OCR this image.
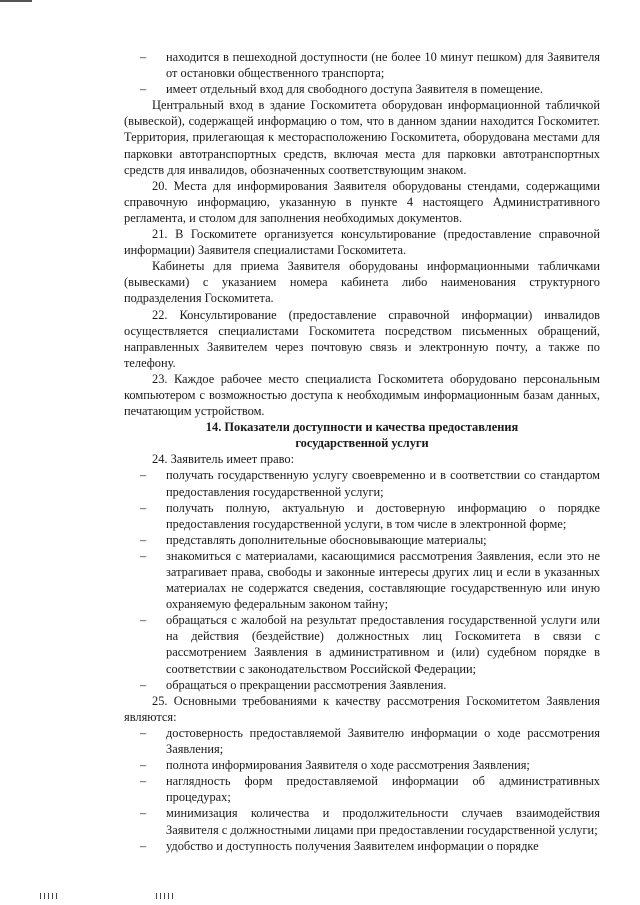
– находится в пешеходной доступности (не более 10 минут пешком) для Заявителя от остановки общественного транспорта;

– имеет отдельный вход для свободного доступа Заявителя в помещение.

Центральный вход в здание Госкомитета оборудован информационной табличкой (вывеской), содержащей информацию о том, что в данном здании находится Госкомитет. Территория, прилегающая к месторасположению Госкомитета, оборудована местами для парковки автотранспортных средств, включая места для парковки автотранспортных средств для инвалидов, обозначенных соответствующим знаком.

20. Места для информирования Заявителя оборудованы стендами, содержащими справочную информацию, указанную в пункте 4 настоящего Административного регламента, и столом для заполнения необходимых документов.

21. В Госкомитете организуется консультирование (предоставление справочной информации) Заявителя специалистами Госкомитета.

Кабинеты для приема Заявителя оборудованы информационными табличками (вывесками) с указанием номера кабинета либо наименования структурного подразделения Госкомитета.

22. Консультирование (предоставление справочной информации) инвалидов осуществляется специалистами Госкомитета посредством письменных обращений, направленных Заявителем через почтовую связь и электронную почту, а также по телефону.

23. Каждое рабочее место специалиста Госкомитета оборудовано персональным компьютером с возможностью доступа к необходимым информационным базам данных, печатающим устройством.

14. Показатели доступности и качества предоставления
государственной услуги

24. Заявитель имеет право:

– получать государственную услугу своевременно и в соответствии со стандартом предоставления государственной услуги;

– получать полную, актуальную и достоверную информацию о порядке предоставления государственной услуги, в том числе в электронной форме;

– представлять дополнительные обосновывающие материалы;

– знакомиться с материалами, касающимися рассмотрения Заявления, если это не затрагивает права, свободы и законные интересы других лиц и если в указанных материалах не содержатся сведения, составляющие государственную или иную охраняемую федеральным законом тайну;

– обращаться с жалобой на результат предоставления государственной услуги или на действия (бездействие) должностных лиц Госкомитета в связи с рассмотрением Заявления в административном и (или) судебном порядке в соответствии с законодательством Российской Федерации;

– обращаться о прекращении рассмотрения Заявления.

25. Основными требованиями к качеству рассмотрения Госкомитетом Заявления являются:

– достоверность предоставляемой Заявителю информации о ходе рассмотрения Заявления;

– полнота информирования Заявителя о ходе рассмотрения Заявления;

– наглядность форм предоставляемой информации об административных процедурах;

– минимизация количества и продолжительности случаев взаимодействия Заявителя с должностными лицами при предоставлении государственной услуги;

– удобство и доступность получения Заявителем информации о порядке
